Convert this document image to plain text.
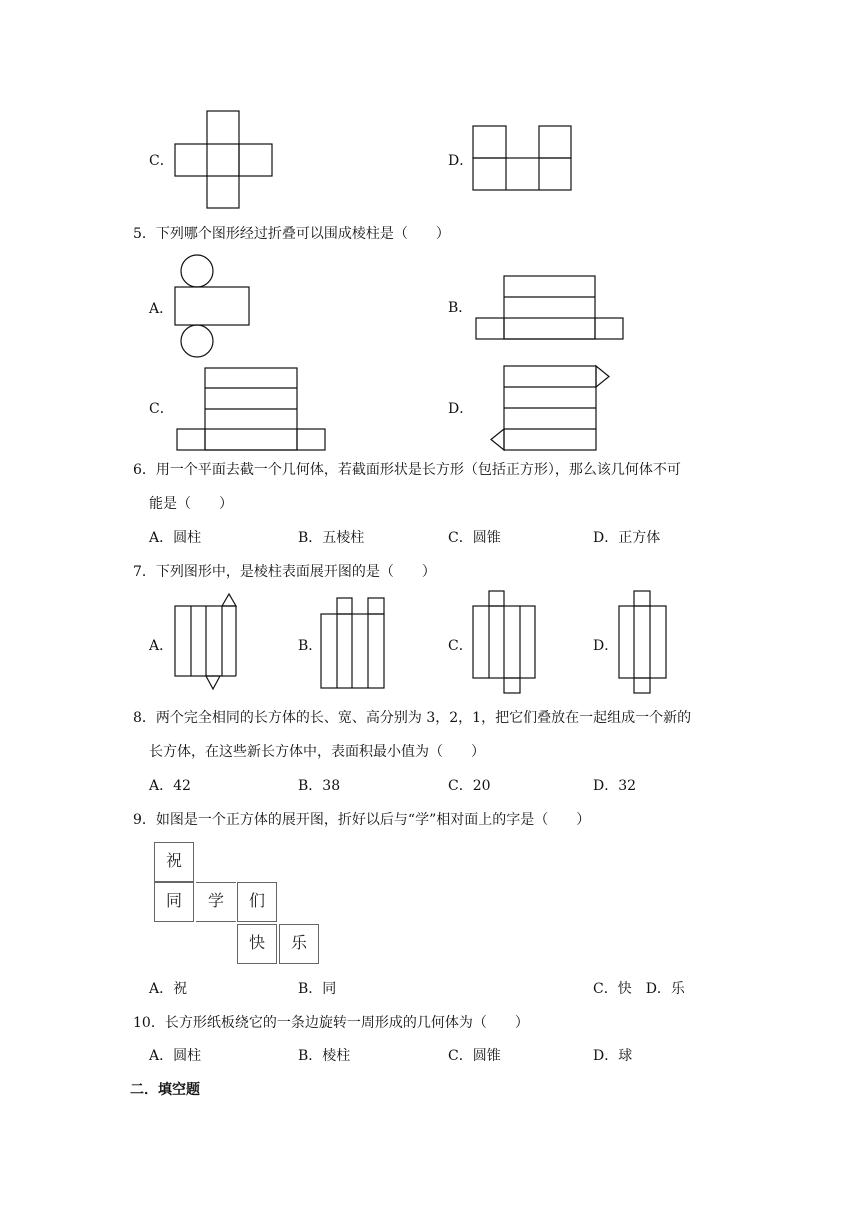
C．	D．
5．下列哪个图形经过折叠可以围成棱柱是（　　）
A．	B．
C．	D．
6．用一个平面去截一个几何体，若截面形状是长方形（包括正方形），那么该几何体不可
能是（　　）
A．圆柱	B．五棱柱	C．圆锥	D．正方体
7．下列图形中，是棱柱表面展开图的是（　　）
A．	B．	C．	D．
8．两个完全相同的长方体的长、宽、高分别为 3，2，1，把它们叠放在一起组成一个新的
长方体，在这些新长方体中，表面积最小值为（　　）
A．42	B．38	C．20	D．32
9．如图是一个正方体的展开图，折好以后与“学”相对面上的字是（　　）
祝
同	学	们
快	乐
A．祝	B．同	C．快　D．乐
10．长方形纸板绕它的一条边旋转一周形成的几何体为（　　）
A．圆柱	B．棱柱	C．圆锥	D．球
二．填空题
